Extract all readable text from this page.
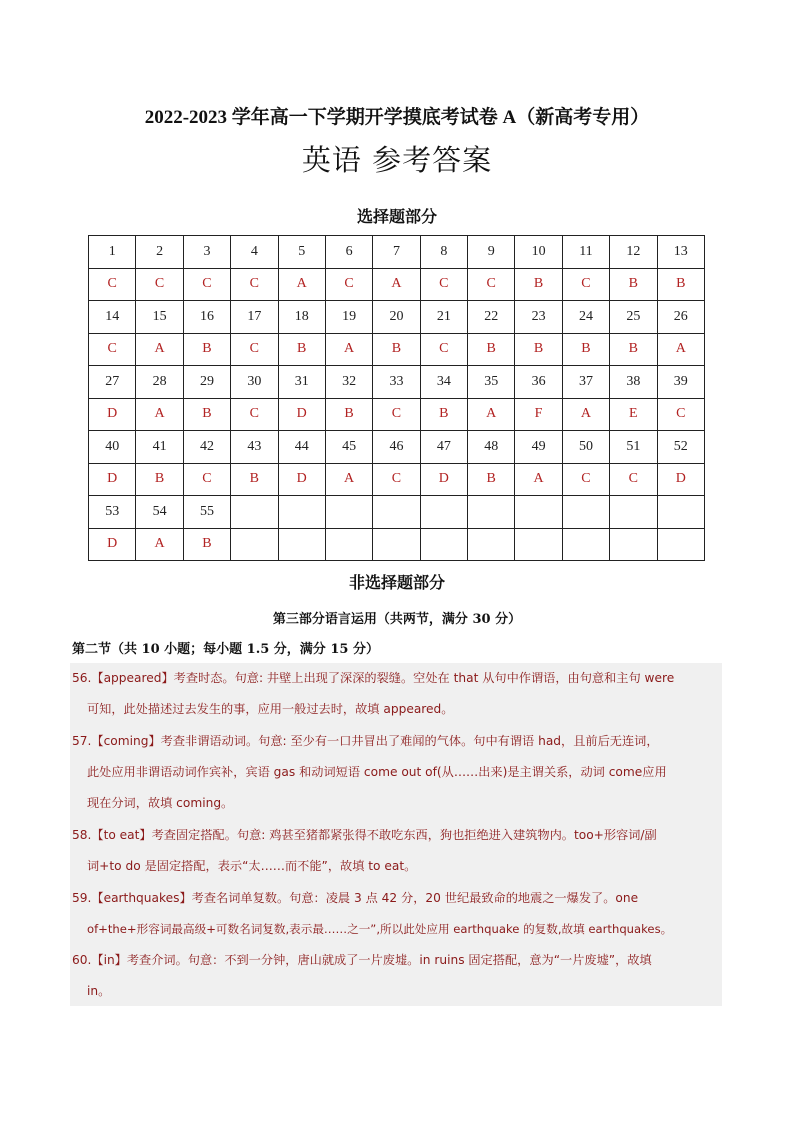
2022-2023 学年高一下学期开学摸底考试卷 A（新高考专用）
英语 参考答案
选择题部分
1	2	3	4	5	6	7	8	9	10	11	12	13
C	C	C	C	A	C	A	C	C	B	C	B	B
14	15	16	17	18	19	20	21	22	23	24	25	26
C	A	B	C	B	A	B	C	B	B	B	B	A
27	28	29	30	31	32	33	34	35	36	37	38	39
D	A	B	C	D	B	C	B	A	F	A	E	C
40	41	42	43	44	45	46	47	48	49	50	51	52
D	B	C	B	D	A	C	D	B	A	C	C	D
53	54	55										
D	A	B										
非选择题部分
第三部分语言运用（共两节，满分 30 分）
第二节（共 10 小题；每小题 1.5 分，满分 15 分）
56.【appeared】考查时态。句意: 井壁上出现了深深的裂缝。空处在 that 从句中作谓语，由句意和主句 were
可知，此处描述过去发生的事，应用一般过去时，故填 appeared。
57.【coming】考查非谓语动词。句意: 至少有一口井冒出了难闻的气体。句中有谓语 had，且前后无连词，
此处应用非谓语动词作宾补，宾语 gas 和动词短语 come out of(从……出来)是主谓关系，动词 come应用
现在分词，故填 coming。
58.【to eat】考查固定搭配。句意: 鸡甚至猪都紧张得不敢吃东西，狗也拒绝进入建筑物内。too+形容词/副
词+to do 是固定搭配，表示“太……而不能”，故填 to eat。
59.【earthquakes】考查名词单复数。句意：凌晨 3 点 42 分，20 世纪最致命的地震之一爆发了。one
of+the+形容词最高级+可数名词复数,表示最……之一”,所以此处应用 earthquake 的复数,故填 earthquakes。
60.【in】考查介词。句意：不到一分钟，唐山就成了一片废墟。in ruins 固定搭配，意为“一片废墟”，故填
in。
